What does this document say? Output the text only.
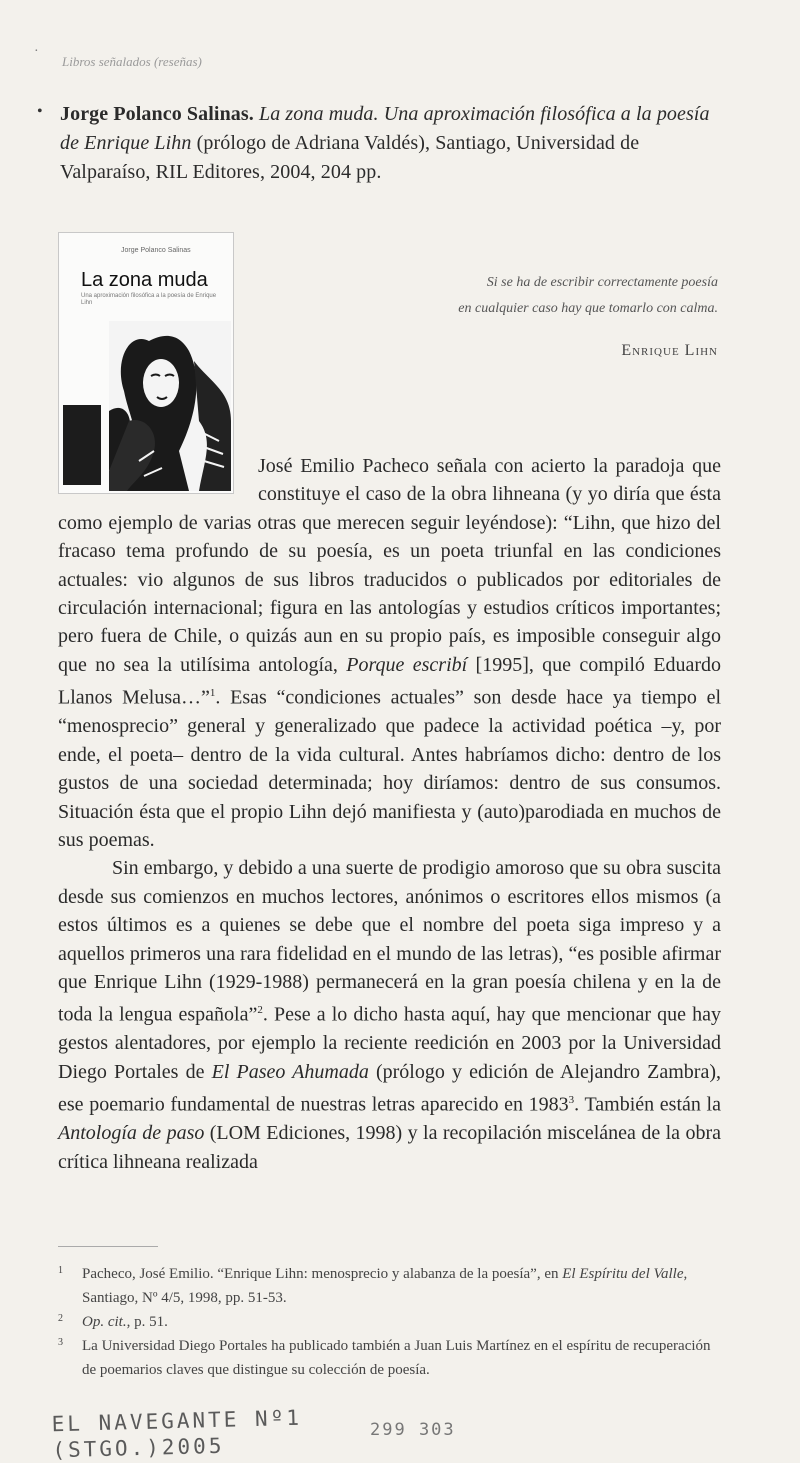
·
Libros señalados (reseñas)
• Jorge Polanco Salinas. La zona muda. Una aproximación filosófica a la poesía de Enrique Lihn (prólogo de Adriana Valdés), Santiago, Universidad de Valparaíso, RIL Editores, 2004, 204 pp.
Jorge Polanco Salinas
La zona muda
Una aproximación filosófica a la poesía de Enrique Lihn
Si se ha de escribir correctamente poesía
en cualquier caso hay que tomarlo con calma.
Enrique Lihn

José Emilio Pacheco señala con acierto la paradoja que constituye el caso de la obra lihneana (y yo diría que ésta como ejemplo de varias otras que merecen seguir leyéndose): “Lihn, que hizo del fracaso tema profundo de su poesía, es un poeta triunfal en las condiciones actuales: vio algunos de sus libros traducidos o publicados por editoriales de circulación internacional; figura en las antologías y estudios críticos importantes; pero fuera de Chile, o quizás aun en su propio país, es imposible conseguir algo que no sea la utilísima antología, Porque escribí [1995], que compiló Eduardo Llanos Melusa…”$^1$. Esas “condiciones actuales” son desde hace ya tiempo el “menosprecio” general y generalizado que padece la actividad poética –y, por ende, el poeta– dentro de la vida cultural. Antes habríamos dicho: dentro de los gustos de una sociedad determinada; hoy diríamos: dentro de sus consumos. Situación ésta que el propio Lihn dejó manifiesta y (auto)parodiada en muchos de sus poemas.

Sin embargo, y debido a una suerte de prodigio amoroso que su obra suscita desde sus comienzos en muchos lectores, anónimos o escritores ellos mismos (a estos últimos es a quienes se debe que el nombre del poeta siga impreso y a aquellos primeros una rara fidelidad en el mundo de las letras), “es posible afirmar que Enrique Lihn (1929-1988) permanecerá en la gran poesía chilena y en la de toda la lengua española”$^2$. Pese a lo dicho hasta aquí, hay que mencionar que hay gestos alentadores, por ejemplo la reciente reedición en 2003 por la Universidad Diego Portales de El Paseo Ahumada (prólogo y edición de Alejandro Zambra), ese poemario fundamental de nuestras letras aparecido en 1983$^3$. También están la Antología de paso (LOM Ediciones, 1998) y la recopilación miscelánea de la obra crítica lihneana realizada

1 Pacheco, José Emilio. “Enrique Lihn: menosprecio y alabanza de la poesía”, en El Espíritu del Valle, Santiago, Nº 4/5, 1998, pp. 51-53.
2 Op. cit., p. 51.
3 La Universidad Diego Portales ha publicado también a Juan Luis Martínez en el espíritu de recuperación de poemarios claves que distingue su colección de poesía.
EL NAVEGANTE Nº1
(STGO.)2005
299 303
